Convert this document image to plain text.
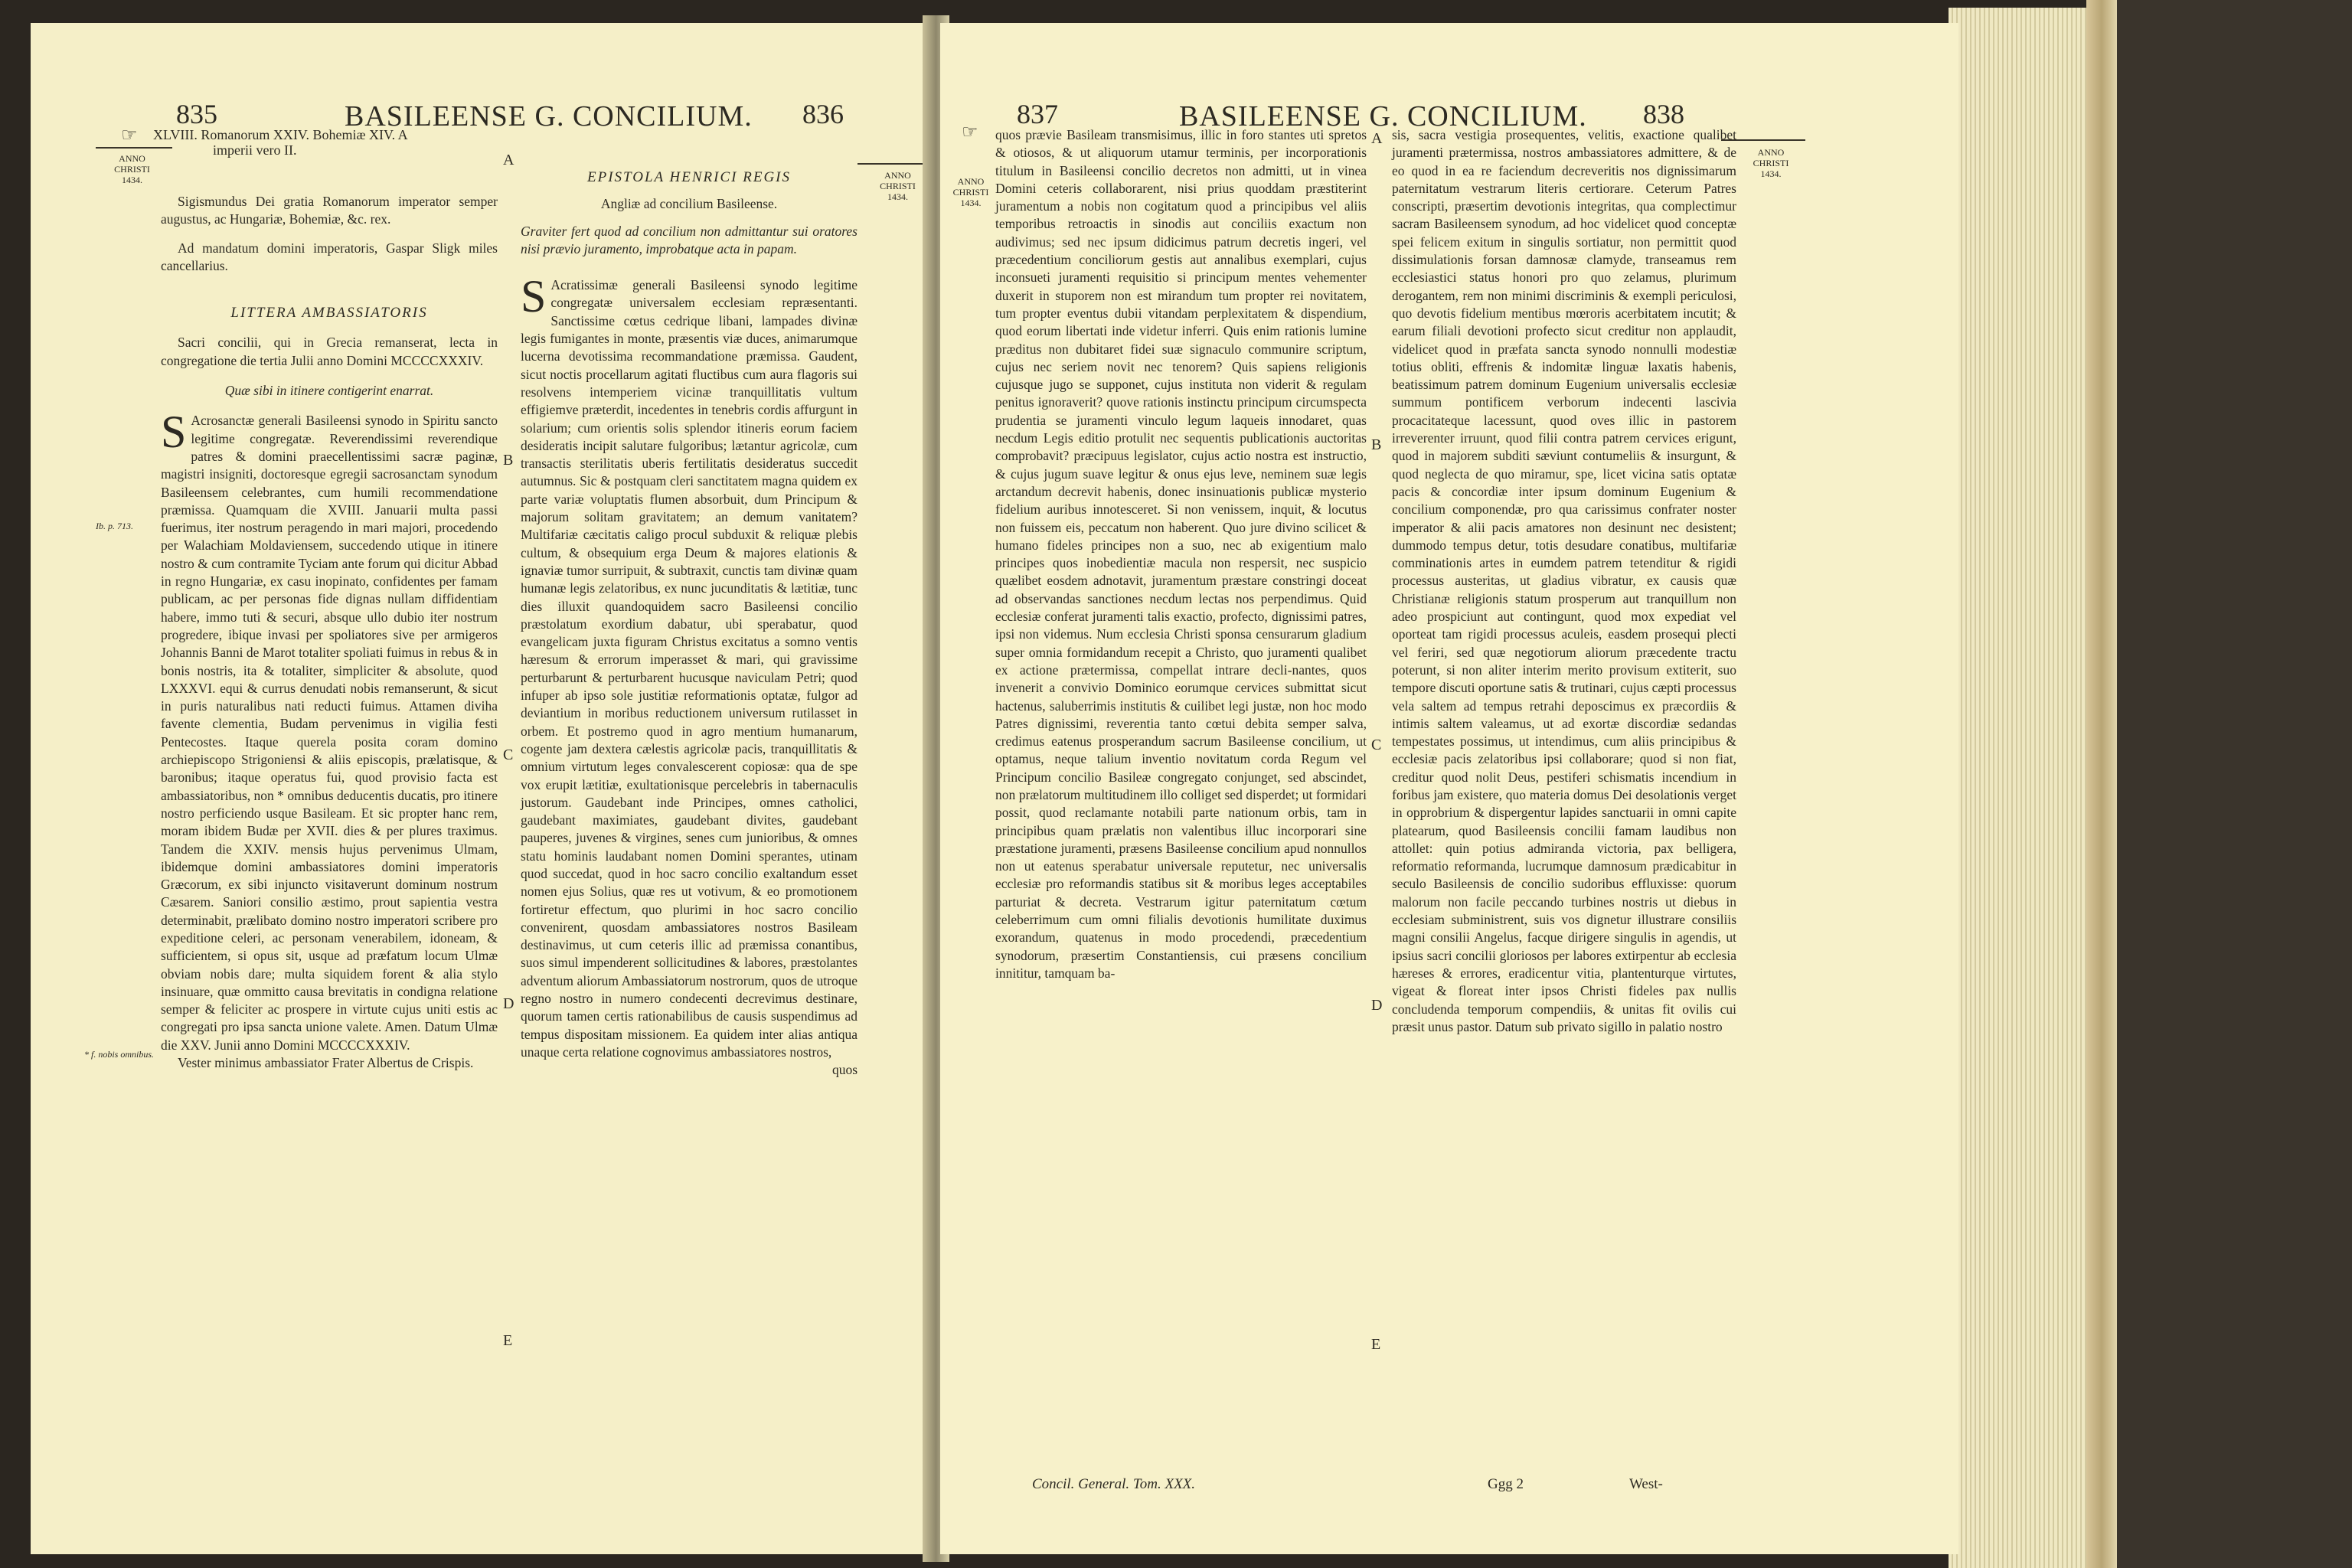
835	BASILEENSE G. CONCILIUM. 836
☞ XLVIII. Romanorum XXIV. Bohemiæ XIV. A
imperii vero II.
ANNO
CHRISTI
1434.	ANNO
CHRISTI
1434.
Ib. p. 713.
* f. nobis omnibus.
A
B
C
D
E

Sigismundus Dei gratia Romanorum imperator semper augustus, ac Hungariæ, Bohemiæ, &c. rex.

Ad mandatum domini imperatoris, Gaspar Sligk miles cancellarius.

LITTERA AMBASSIATORIS

Sacri concilii, qui in Grecia remanserat, lecta in congregatione die tertia Julii anno Domini MCCCCXXXIV.

Quæ sibi in itinere contigerint enarrat.

S Acrosanctæ generali Basileensi synodo in Spiritu sancto legitime congregatæ. Reverendissimi reverendique patres & domini praecellentissimi sacræ paginæ, magistri insigniti, doctoresque egregii sacrosanctam synodum Basileensem celebrantes, cum humili recommendatione præmissa. Quamquam die XVIII. Januarii multa passi fuerimus, iter nostrum peragendo in mari majori, procedendo per Walachiam Moldaviensem, succedendo utique in itinere nostro & cum contramite Tyciam ante forum qui dicitur Abbad in regno Hungariæ, ex casu inopinato, confidentes per famam publicam, ac per personas fide dignas nullam diffidentiam habere, immo tuti & securi, absque ullo dubio iter nostrum progredere, ibique invasi per spoliatores sive per armigeros Johannis Banni de Marot totaliter spoliati fuimus in rebus & in bonis nostris, ita & totaliter, simpliciter & absolute, quod LXXXVI. equi & currus denudati nobis remanserunt, & sicut in puris naturalibus nati reducti fuimus. Attamen diviha favente clementia, Budam pervenimus in vigilia festi Pentecostes. Itaque querela posita coram domino archiepiscopo Strigoniensi & aliis episcopis, prælatisque, & baronibus; itaque operatus fui, quod provisio facta est ambassiatoribus, non * omnibus deducentis ducatis, pro itinere nostro perficiendo usque Basileam. Et sic propter hanc rem, moram ibidem Budæ per XVII. dies & per plures traximus. Tandem die XXIV. mensis hujus pervenimus Ulmam, ibidemque domini ambassiatores domini imperatoris Græcorum, ex sibi injuncto visitaverunt dominum nostrum Cæsarem. Saniori consilio æstimo, prout sapientia vestra determinabit, prælibato domino nostro imperatori scribere pro expeditione celeri, ac personam venerabilem, idoneam, & sufficientem, si opus sit, usque ad præfatum locum Ulmæ obviam nobis dare; multa siquidem forent & alia stylo insinuare, quæ ommitto causa brevitatis in condigna relatione semper & feliciter ac prospere in virtute cujus uniti estis ac congregati pro ipsa sancta unione valete. Amen. Datum Ulmæ die XXV. Junii anno Domini MCCCCXXXIV.

Vester minimus ambassiator Frater Albertus de Crispis.

EPISTOLA HENRICI REGIS

Angliæ ad concilium Basileense.

Graviter fert quod ad concilium non admittantur sui oratores nisi prævio juramento, improbatque acta in papam.

S Acratissimæ generali Basileensi synodo legitime congregatæ universalem ecclesiam repræsentanti. Sanctissime cœtus cedrique libani, lampades divinæ legis fumigantes in monte, præsentis viæ duces, animarumque lucerna devotissima recommandatione præmissa. Gaudent, sicut noctis procellarum agitati fluctibus cum aura flagoris sui resolvens intemperiem vicinæ tranquillitatis vultum effigiemve præterdit, incedentes in tenebris cordis affurgunt in solarium; cum orientis solis splendor itineris eorum faciem desideratis incipit salutare fulgoribus; lætantur agricolæ, cum transactis sterilitatis uberis fertilitatis desideratus succedit autumnus. Sic & postquam cleri sanctitatem magna quidem ex parte variæ voluptatis flumen absorbuit, dum Principum & majorum solitam gravitatem; an demum vanitatem? Multifariæ cæcitatis caligo procul subduxit & reliquæ plebis cultum, & obsequium erga Deum & majores elationis & ignaviæ tumor surripuit, & subtraxit, cunctis tam divinæ quam humanæ legis zelatoribus, ex nunc jucunditatis & lætitiæ, tunc dies illuxit quandoquidem sacro Basileensi concilio præstolatum exordium dabatur, ubi sperabatur, quod evangelicam juxta figuram Christus excitatus a somno ventis hæresum & errorum imperasset & mari, qui gravissime perturbarunt & perturbarent hucusque naviculam Petri; quod infuper ab ipso sole justitiæ reformationis optatæ, fulgor ad deviantium in moribus reductionem universum rutilasset in orbem. Et postremo quod in agro mentium humanarum, cogente jam dextera cælestis agricolæ pacis, tranquillitatis & omnium virtutum leges convalescerent copiosæ: qua de spe vox erupit lætitiæ, exultationisque percelebris in tabernaculis justorum. Gaudebant inde Principes, omnes catholici, gaudebant maximiates, gaudebant divites, gaudebant pauperes, juvenes & virgines, senes cum junioribus, & omnes statu hominis laudabant nomen Domini sperantes, utinam quod succedat, quod in hoc sacro concilio exaltandum esset nomen ejus Solius, quæ res ut votivum, & eo promotionem fortiretur effectum, quo plurimi in hoc sacro concilio convenirent, quosdam ambassiatores nostros Basileam destinavimus, ut cum ceteris illic ad præmissa conantibus, suos simul impenderent sollicitudines & labores, præstolantes adventum aliorum Ambassiatorum nostrorum, quos de utroque regno nostro in numero condecenti decrevimus destinare, quorum tamen certis rationabilibus de causis suspendimus ad tempus dispositam missionem. Ea quidem inter alias antiqua unaque certa relatione cognovimus ambassiatores nostros,

quos

837	BASILEENSE G. CONCILIUM. 838
☞
ANNO
CHRISTI
1434.
ANNO
CHRISTI
1434.
A
B
C
D
E

quos prævie Basileam transmisimus, illic in foro stantes uti spretos & otiosos, & ut aliquorum utamur terminis, per incorporationis titulum in Basileensi concilio decretos non admitti, ut in vinea Domini ceteris collaborarent, nisi prius quoddam præstiterint juramentum a nobis non cogitatum quod a principibus vel aliis temporibus retroactis in sinodis aut conciliis exactum non audivimus; sed nec ipsum didicimus patrum decretis ingeri, vel præcedentium conciliorum gestis aut annalibus exemplari, cujus inconsueti juramenti requisitio si principum mentes vehementer duxerit in stuporem non est mirandum tum propter rei novitatem, tum propter eventus dubii vitandam perplexitatem & dispendium, quod eorum libertati inde videtur inferri. Quis enim rationis lumine præditus non dubitaret fidei suæ signaculo communire scriptum, cujus nec seriem novit nec tenorem? Quis sapiens religionis cujusque jugo se supponet, cujus instituta non viderit & regulam penitus ignoraverit? quove rationis instinctu principum circumspecta prudentia se juramenti vinculo legum laqueis innodaret, quas necdum Legis editio protulit nec sequentis publicationis auctoritas comprobavit? præcipuus legislator, cujus actio nostra est instructio, & cujus jugum suave legitur & onus ejus leve, neminem suæ legis arctandum decrevit habenis, donec insinuationis publicæ mysterio fidelium auribus innotesceret. Si non venissem, inquit, & locutus non fuissem eis, peccatum non haberent. Quo jure divino scilicet & humano fideles principes non a suo, nec ab exigentium malo principes quos inobedientiæ macula non respersit, nec suspicio quælibet eosdem adnotavit, juramentum præstare constringi doceat ad observandas sanctiones necdum lectas nos perpendimus. Quid ecclesiæ conferat juramenti talis exactio, profecto, dignissimi patres, ipsi non videmus. Num ecclesia Christi sponsa censurarum gladium super omnia formidandum recepit a Christo, quo juramenti qualibet ex actione prætermissa, compellat intrare decli-nantes, quos invenerit a convivio Dominico eorumque cervices submittat sicut hactenus, saluberrimis institutis & cuilibet legi justæ, non hoc modo Patres dignissimi, reverentia tanto cœtui debita semper salva, credimus eatenus prosperandum sacrum Basileense concilium, ut optamus, neque talium inventio novitatum corda Regum vel Principum concilio Basileæ congregato conjunget, sed abscindet, non prælatorum multitudinem illo colliget sed disperdet; ut formidari possit, quod reclamante notabili parte nationum orbis, tam in principibus quam prælatis non valentibus illuc incorporari sine præstatione juramenti, præsens Basileense concilium apud nonnullos non ut eatenus sperabatur universale reputetur, nec universalis ecclesiæ pro reformandis statibus sit & moribus leges acceptabiles parturiat & decreta. Vestrarum igitur paternitatum cœtum celeberrimum cum omni filialis devotionis humilitate duximus exorandum, quatenus in modo procedendi, præcedentium synodorum, præsertim Constantiensis, cui præsens concilium innititur, tamquam ba-

sis, sacra vestigia prosequentes, velitis, exactione qualibet juramenti prætermissa, nostros ambassiatores admittere, & de eo quod in ea re faciendum decreveritis nos dignissimarum paternitatum vestrarum literis certiorare. Ceterum Patres conscripti, præsertim devotionis integritas, qua complectimur sacram Basileensem synodum, ad hoc videlicet quod conceptæ spei felicem exitum in singulis sortiatur, non permittit quod dissimulationis forsan damnosæ clamyde, transeamus rem ecclesiastici status honori pro quo zelamus, plurimum derogantem, rem non minimi discriminis & exempli periculosi, quo devotis fidelium mentibus mœroris acerbitatem incutit; & earum filiali devotioni profecto sicut creditur non applaudit, videlicet quod in præfata sancta synodo nonnulli modestiæ totius obliti, effrenis & indomitæ linguæ laxatis habenis, beatissimum patrem dominum Eugenium universalis ecclesiæ summum pontificem verborum indecenti lascivia procacitateque lacessunt, quod oves illic in pastorem irreverenter irruunt, quod filii contra patrem cervices erigunt, quod in majorem subditi sæviunt contumeliis & insurgunt, & quod neglecta de quo miramur, spe, licet vicina satis optatæ pacis & concordiæ inter ipsum dominum Eugenium & concilium componendæ, pro qua carissimus confrater noster imperator & alii pacis amatores non desinunt nec desistent; dummodo tempus detur, totis desudare conatibus, multifariæ comminationis artes in eumdem patrem tetenditur & rigidi processus austeritas, ut gladius vibratur, ex causis quæ Christianæ religionis statum prosperum aut tranquillum non adeo prospiciunt aut contingunt, quod mox expediat vel oporteat tam rigidi processus aculeis, easdem prosequi plecti vel feriri, sed quæ negotiorum aliorum præcedente tractu poterunt, si non aliter interim merito provisum extiterit, suo tempore discuti oportune satis & trutinari, cujus cæpti processus vela saltem ad tempus retrahi deposcimus ex præcordiis & intimis saltem valeamus, ut ad exortæ discordiæ sedandas tempestates possimus, ut intendimus, cum aliis principibus & ecclesiæ pacis zelatoribus ipsi collaborare; quod si non fiat, creditur quod nolit Deus, pestiferi schismatis incendium in foribus jam existere, quo materia domus Dei desolationis verget in opprobrium & dispergentur lapides sanctuarii in omni capite platearum, quod Basileensis concilii famam laudibus non attollet: quin potius admiranda victoria, pax belligera, reformatio reformanda, lucrumque damnosum prædicabitur in seculo Basileensis de concilio sudoribus effluxisse: quorum malorum non facile peccando turbines nostris ut diebus in ecclesiam subministrent, suis vos dignetur illustrare consiliis magni consilii Angelus, facque dirigere singulis in agendis, ut ipsius sacri concilii gloriosos per labores extirpentur ab ecclesia hæreses & errores, eradicentur vitia, plantenturque virtutes, vigeat & floreat inter ipsos Christi fideles pax nullis concludenda temporum compendiis, & unitas fit ovilis cui præsit unus pastor. Datum sub privato sigillo in palatio nostro

Concil. General. Tom. XXX.	Ggg 2	West-
